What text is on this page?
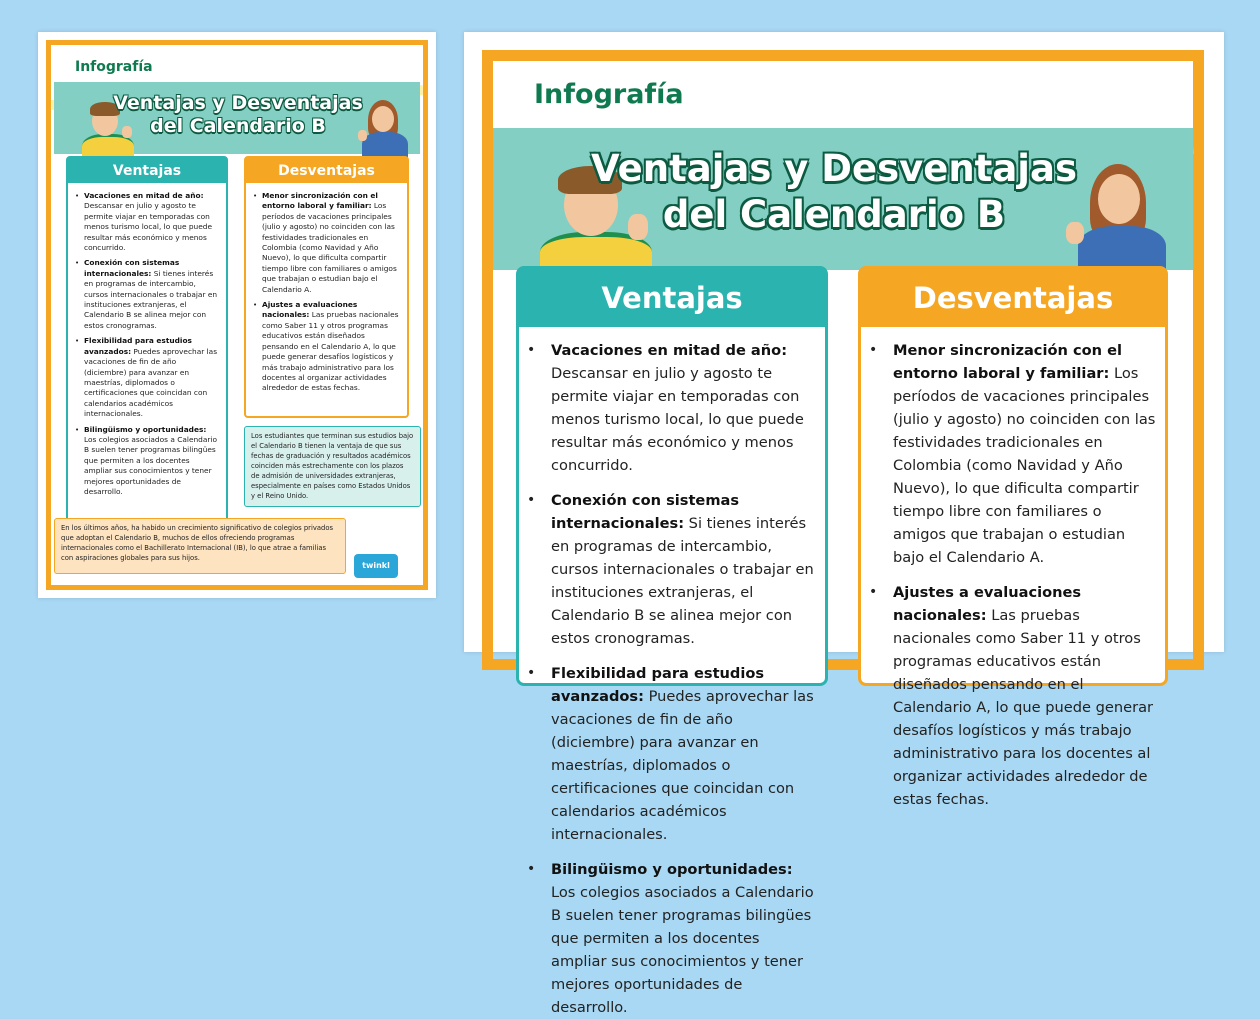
Infografía
Ventajas y Desventajas
del Calendario B
Ventajas
• Vacaciones en mitad de año: Descansar en julio y agosto te permite viajar en temporadas con menos turismo local, lo que puede resultar más económico y menos concurrido.
• Conexión con sistemas internacionales: Si tienes interés en programas de intercambio, cursos internacionales o trabajar en instituciones extranjeras, el Calendario B se alinea mejor con estos cronogramas.
• Flexibilidad para estudios avanzados: Puedes aprovechar las vacaciones de fin de año (diciembre) para avanzar en maestrías, diplomados o certificaciones que coincidan con calendarios académicos internacionales.
• Bilingüismo y oportunidades: Los colegios asociados a Calendario B suelen tener programas bilingües que permiten a los docentes ampliar sus conocimientos y tener mejores oportunidades de desarrollo.
Desventajas
• Menor sincronización con el entorno laboral y familiar: Los períodos de vacaciones principales (julio y agosto) no coinciden con las festividades tradicionales en Colombia (como Navidad y Año Nuevo), lo que dificulta compartir tiempo libre con familiares o amigos que trabajan o estudian bajo el Calendario A.
• Ajustes a evaluaciones nacionales: Las pruebas nacionales como Saber 11 y otros programas educativos están diseñados pensando en el Calendario A, lo que puede generar desafíos logísticos y más trabajo administrativo para los docentes al organizar actividades alrededor de estas fechas.
Los estudiantes que terminan sus estudios bajo el Calendario B tienen la ventaja de que sus fechas de graduación y resultados académicos coinciden más estrechamente con los plazos de admisión de universidades extranjeras, especialmente en países como Estados Unidos y el Reino Unido.
En los últimos años, ha habido un crecimiento significativo de colegios privados que adoptan el Calendario B, muchos de ellos ofreciendo programas internacionales como el Bachillerato Internacional (IB), lo que atrae a familias con aspiraciones globales para sus hijos.
twinkl
Infografía
Ventajas y Desventajas
del Calendario B
Ventajas
• Vacaciones en mitad de año: Descansar en julio y agosto te permite viajar en temporadas con menos turismo local, lo que puede resultar más económico y menos concurrido.
• Conexión con sistemas internacionales: Si tienes interés en programas de intercambio, cursos internacionales o trabajar en instituciones extranjeras, el Calendario B se alinea mejor con estos cronogramas.
• Flexibilidad para estudios avanzados: Puedes aprovechar las vacaciones de fin de año (diciembre) para avanzar en maestrías, diplomados o certificaciones que coincidan con calendarios académicos internacionales.
• Bilingüismo y oportunidades: Los colegios asociados a Calendario B suelen tener programas bilingües que permiten a los docentes ampliar sus conocimientos y tener mejores oportunidades de desarrollo.
Desventajas
• Menor sincronización con el entorno laboral y familiar: Los períodos de vacaciones principales (julio y agosto) no coinciden con las festividades tradicionales en Colombia (como Navidad y Año Nuevo), lo que dificulta compartir tiempo libre con familiares o amigos que trabajan o estudian bajo el Calendario A.
• Ajustes a evaluaciones nacionales: Las pruebas nacionales como Saber 11 y otros programas educativos están diseñados pensando en el Calendario A, lo que puede generar desafíos logísticos y más trabajo administrativo para los docentes al organizar actividades alrededor de estas fechas.
